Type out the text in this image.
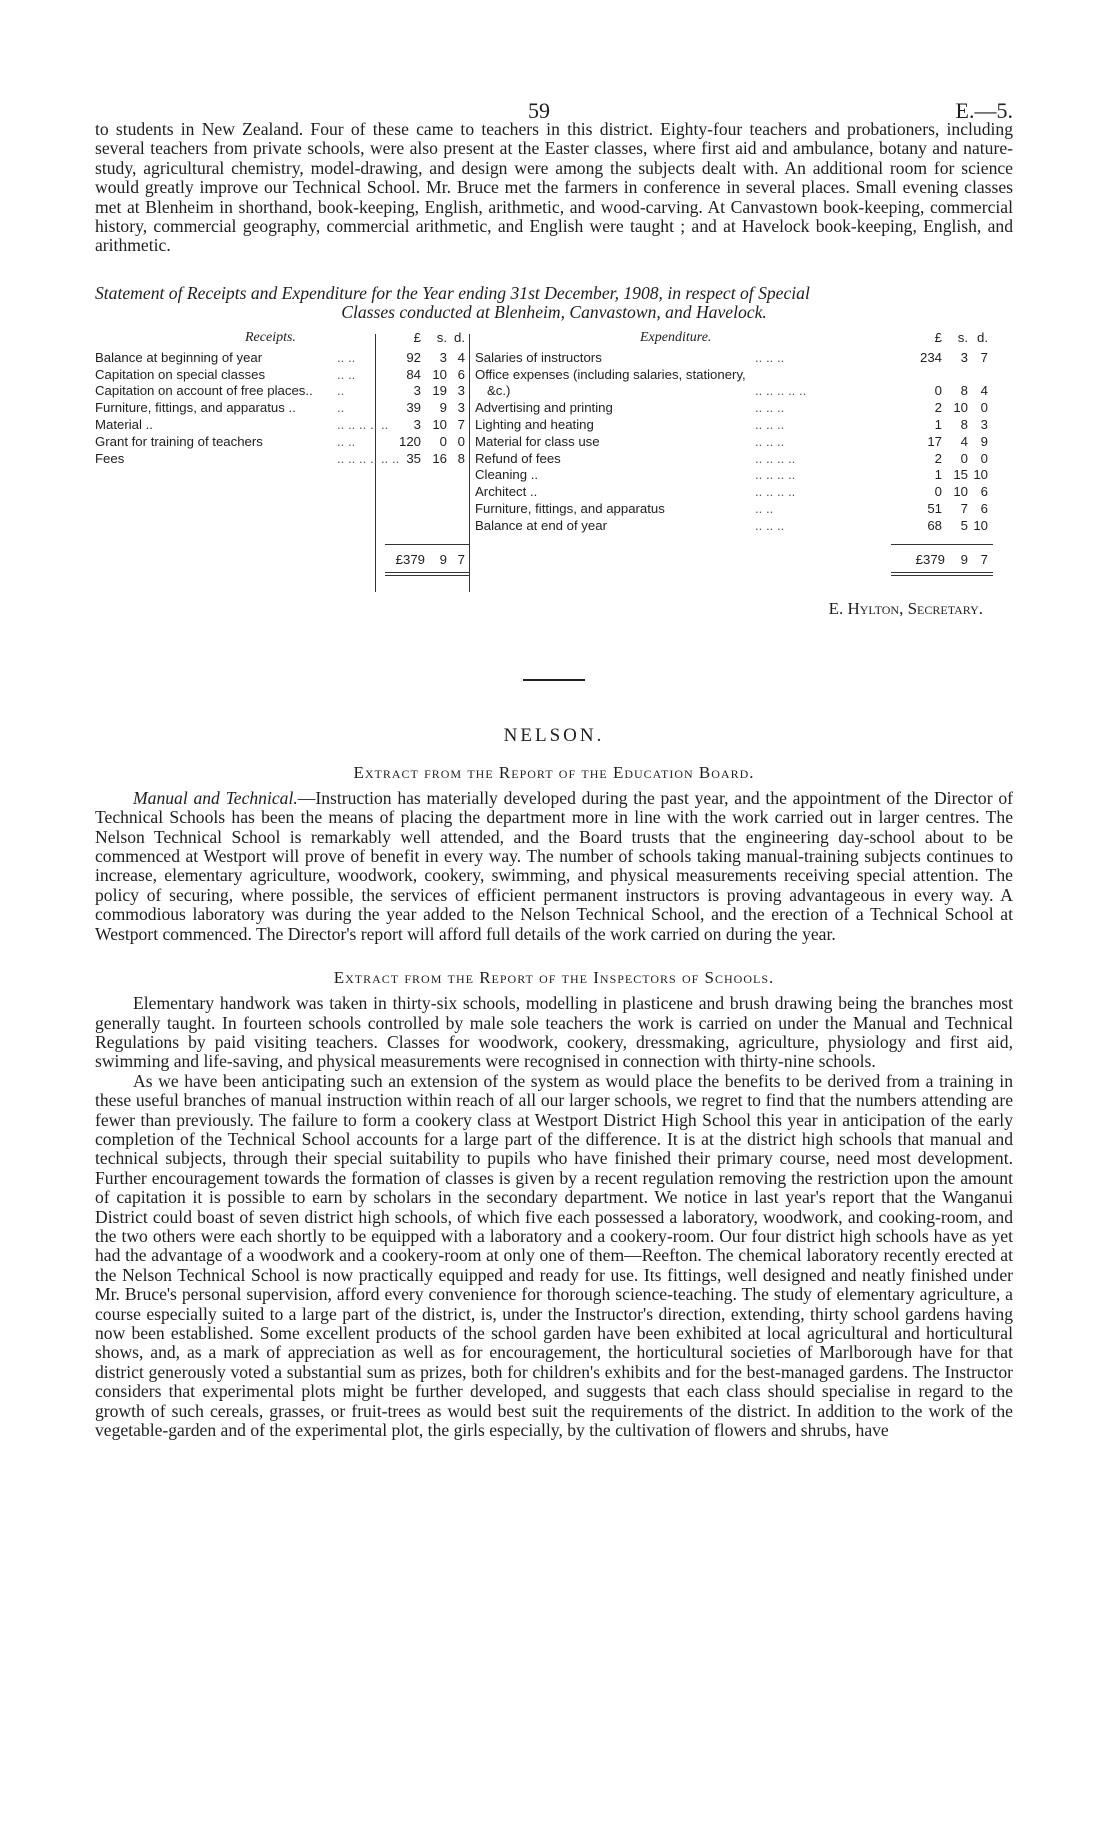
59	E.—5.

to students in New Zealand. Four of these came to teachers in this district. Eighty-four teachers and probationers, including several teachers from private schools, were also present at the Easter classes, where first aid and ambulance, botany and nature-study, agricultural chemistry, model-drawing, and design were among the subjects dealt with. An additional room for science would greatly improve our Technical School. Mr. Bruce met the farmers in conference in several places. Small evening classes met at Blenheim in shorthand, book-keeping, English, arithmetic, and wood-carving. At Canvastown book-keeping, commercial history, commercial geography, commercial arithmetic, and English were taught ; and at Havelock book-keeping, English, and arithmetic.

Statement of Receipts and Expenditure for the Year ending 31st December, 1908, in respect of Special
Classes conducted at Blenheim, Canvastown, and Havelock.
Receipts.	Expenditure.
£	s. d.	£	s. d.
Balance at beginning of year	.. ..	92	3 4
Capitation on special classes	.. ..	84 10 6
Capitation on account of free places.. ..	3 19 3
Furniture, fittings, and apparatus ..	..	39	9 3
Material ..	.. .. .. .. ..	3 10 7
Grant for training of teachers	.. ..	120	0 0
Fees	.. .. .. .. .. .. 35 16 8
Salaries of instructors	.. .. ..	234	3 7
Office expenses (including salaries, stationery,
&c.)	.. .. .. .. ..	0	8 4
Advertising and printing	.. .. ..	2 10 0
Lighting and heating	.. .. ..	1	8 3
Material for class use	.. .. ..	17	4 9
Refund of fees	.. .. .. ..	2	0 0
Cleaning ..	.. .. .. ..	1 15 10
Architect ..	.. .. .. ..	0 10 6
Furniture, fittings, and apparatus	.. ..	51	7 6
Balance at end of year	.. .. ..	68	5 10
£379	9 7	£379	9 7
E. Hylton, Secretary.
NELSON.
Extract from the Report of the Education Board.

Manual and Technical.—Instruction has materially developed during the past year, and the appointment of the Director of Technical Schools has been the means of placing the department more in line with the work carried out in larger centres. The Nelson Technical School is remarkably well attended, and the Board trusts that the engineering day-school about to be commenced at Westport will prove of benefit in every way. The number of schools taking manual-training subjects continues to increase, elementary agriculture, woodwork, cookery, swimming, and physical measurements receiving special attention. The policy of securing, where possible, the services of efficient permanent instructors is proving advantageous in every way. A commodious laboratory was during the year added to the Nelson Technical School, and the erection of a Technical School at Westport commenced. The Director's report will afford full details of the work carried on during the year.

Extract from the Report of the Inspectors of Schools.

Elementary handwork was taken in thirty-six schools, modelling in plasticene and brush drawing being the branches most generally taught. In fourteen schools controlled by male sole teachers the work is carried on under the Manual and Technical Regulations by paid visiting teachers. Classes for woodwork, cookery, dressmaking, agriculture, physiology and first aid, swimming and life-saving, and physical measurements were recognised in connection with thirty-nine schools.

As we have been anticipating such an extension of the system as would place the benefits to be derived from a training in these useful branches of manual instruction within reach of all our larger schools, we regret to find that the numbers attending are fewer than previously. The failure to form a cookery class at Westport District High School this year in anticipation of the early completion of the Technical School accounts for a large part of the difference. It is at the district high schools that manual and technical subjects, through their special suitability to pupils who have finished their primary course, need most development. Further encouragement towards the formation of classes is given by a recent regulation removing the restriction upon the amount of capitation it is possible to earn by scholars in the secondary department. We notice in last year's report that the Wanganui District could boast of seven district high schools, of which five each possessed a laboratory, woodwork, and cooking-room, and the two others were each shortly to be equipped with a laboratory and a cookery-room. Our four district high schools have as yet had the advantage of a woodwork and a cookery-room at only one of them—Reefton. The chemical laboratory recently erected at the Nelson Technical School is now practically equipped and ready for use. Its fittings, well designed and neatly finished under Mr. Bruce's personal supervision, afford every convenience for thorough science-teaching. The study of elementary agriculture, a course especially suited to a large part of the district, is, under the Instructor's direction, extending, thirty school gardens having now been established. Some excellent products of the school garden have been exhibited at local agricultural and horticultural shows, and, as a mark of appreciation as well as for encouragement, the horticultural societies of Marlborough have for that district generously voted a substantial sum as prizes, both for children's exhibits and for the best-managed gardens. The Instructor considers that experimental plots might be further developed, and suggests that each class should specialise in regard to the growth of such cereals, grasses, or fruit-trees as would best suit the requirements of the district. In addition to the work of the vegetable-garden and of the experimental plot, the girls especially, by the cultivation of flowers and shrubs, have
